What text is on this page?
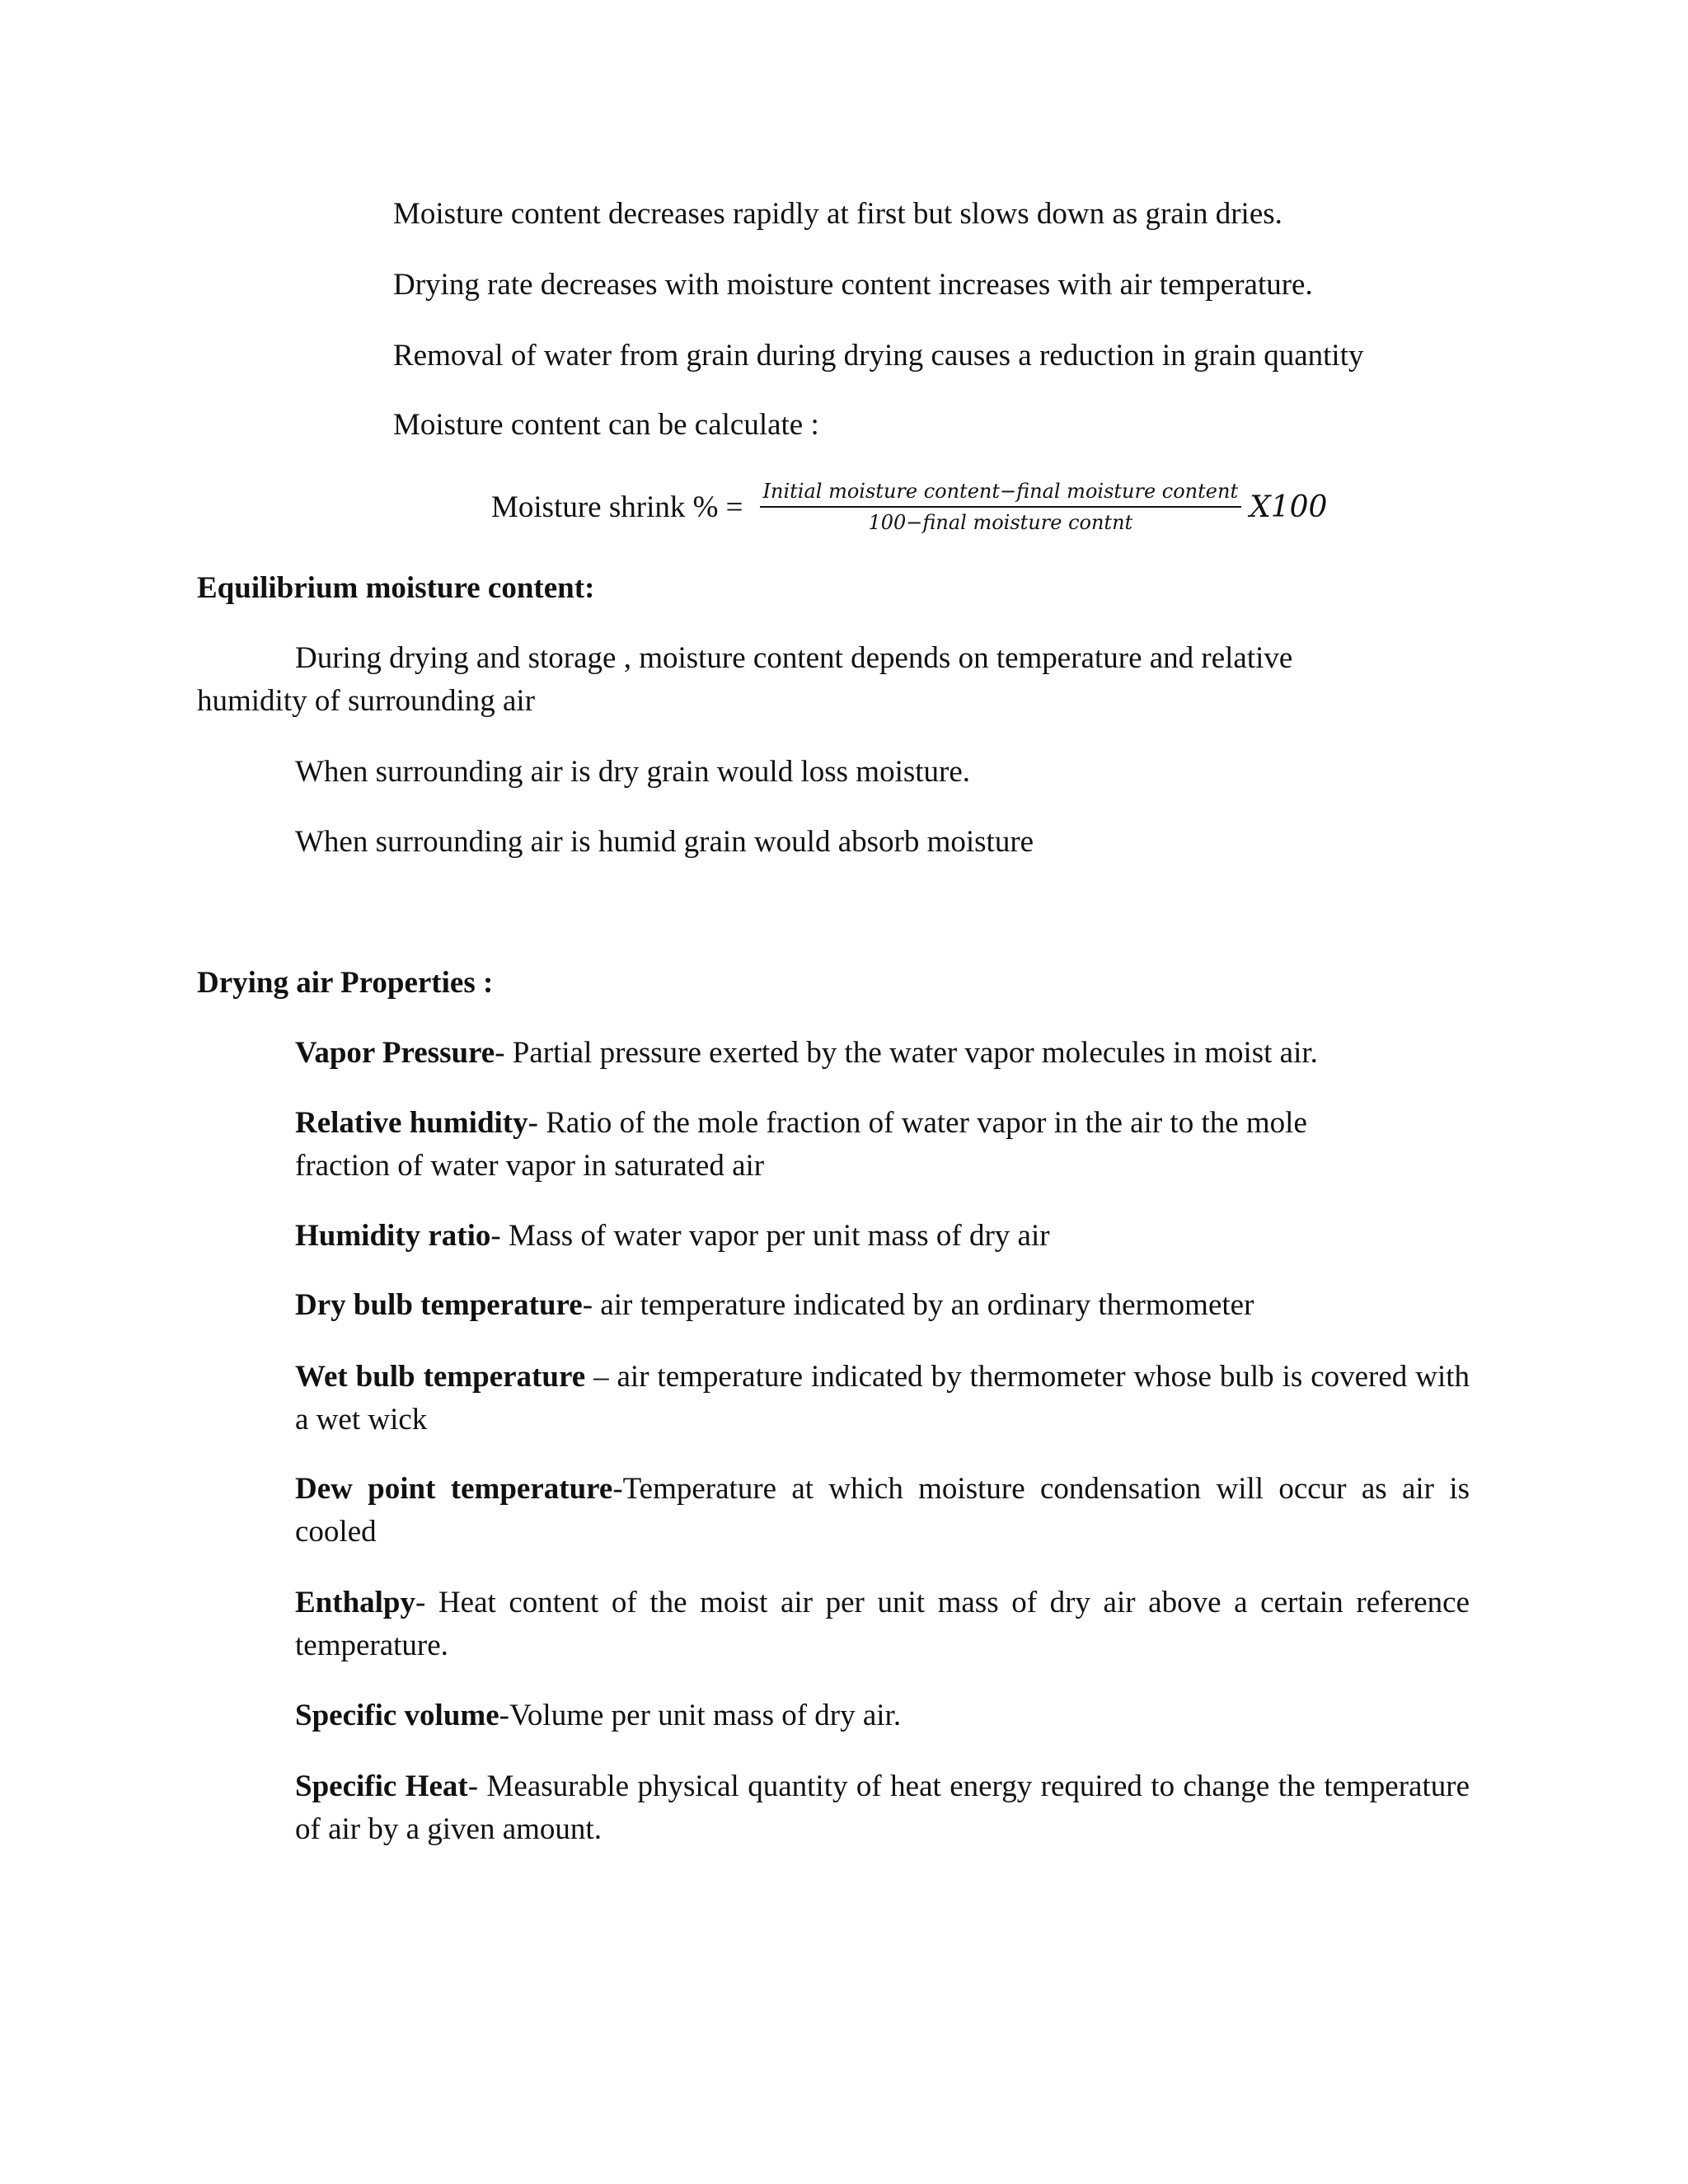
Moisture content decreases rapidly at first but slows down as grain dries.
Drying rate decreases with moisture content increases with air temperature.
Removal of water from grain during drying causes a reduction in grain quantity
Moisture content can be calculate :
Moisture shrink % = $\frac{\text{Initial moisture content−final moisture content}}{\text{100−final moisture contnt}} X100$
Equilibrium moisture content:
During drying and storage , moisture content depends on temperature and relative
humidity of surrounding air
When surrounding air is dry grain would loss moisture.
When surrounding air is humid grain would absorb moisture
Drying air Properties :
Vapor Pressure- Partial pressure exerted by the water vapor molecules in moist air.
Relative humidity- Ratio of the mole fraction of water vapor in the air to the mole fraction of water vapor in saturated air
Humidity ratio- Mass of water vapor per unit mass of dry air
Dry bulb temperature- air temperature indicated by an ordinary thermometer
Wet bulb temperature – air temperature indicated by thermometer whose bulb is covered with a wet wick
Dew point temperature-Temperature at which moisture condensation will occur as air is cooled
Enthalpy- Heat content of the moist air per unit mass of dry air above a certain reference temperature.
Specific volume-Volume per unit mass of dry air.
Specific Heat- Measurable physical quantity of heat energy required to change the temperature of air by a given amount.
